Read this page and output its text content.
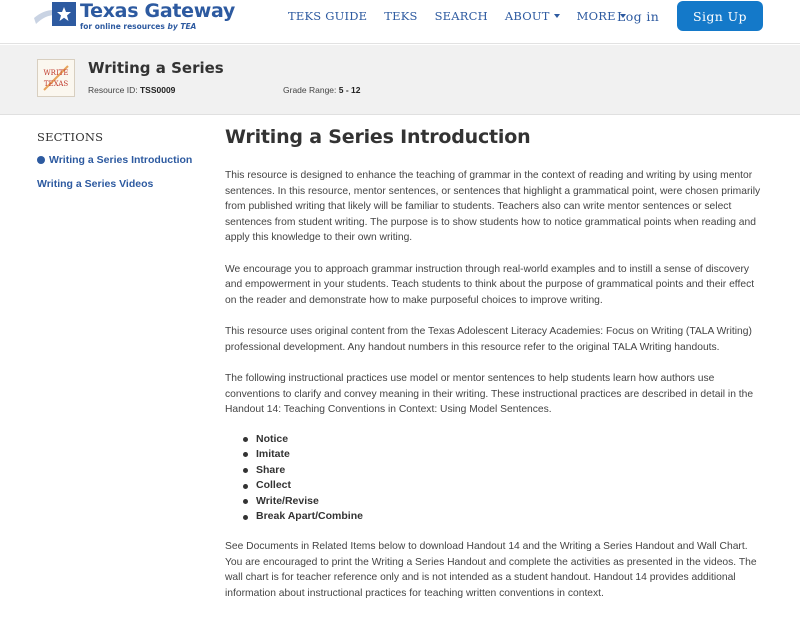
Texas Gateway
for online resources by TEA
TEKS GUIDE TEKS SEARCH ABOUT MORE Log in	Sign Up
WRITE
TEXAS
Writing a Series
Resource ID: TSS0009	Grade Range: 5 - 12
SECTIONS
Writing a Series Introduction
Writing a Series Videos
Writing a Series Introduction

This resource is designed to enhance the teaching of grammar in the context of reading and writing by using mentor sentences. In this resource, mentor sentences, or sentences that highlight a grammatical point, were chosen primarily from published writing that likely will be familiar to students. Teachers also can write mentor sentences or select sentences from student writing. The purpose is to show students how to notice grammatical points when reading and apply this knowledge to their own writing.

We encourage you to approach grammar instruction through real-world examples and to instill a sense of discovery and empowerment in your students. Teach students to think about the purpose of grammatical points and their effect on the reader and demonstrate how to make purposeful choices to improve writing.

This resource uses original content from the Texas Adolescent Literacy Academies: Focus on Writing (TALA Writing) professional development. Any handout numbers in this resource refer to the original TALA Writing handouts.

The following instructional practices use model or mentor sentences to help students learn how authors use conventions to clarify and convey meaning in their writing. These instructional practices are described in detail in the Handout 14: Teaching Conventions in Context: Using Model Sentences.

Notice
Imitate
Share
Collect
Write/Revise
Break Apart/Combine

See Documents in Related Items below to download Handout 14 and the Writing a Series Handout and Wall Chart. You are encouraged to print the Writing a Series Handout and complete the activities as presented in the videos. The wall chart is for teacher reference only and is not intended as a student handout. Handout 14 provides additional information about instructional practices for teaching written conventions in context.
